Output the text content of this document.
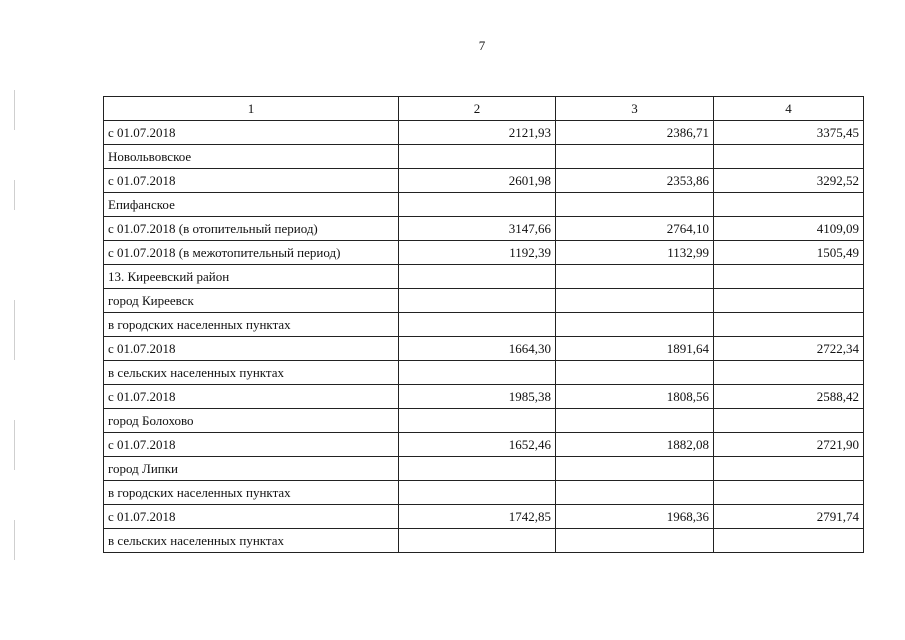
7
1	2	3	4
с 01.07.2018	2121,93	2386,71	3375,45
Новольвовское			
с 01.07.2018	2601,98	2353,86	3292,52
Епифанское			
с 01.07.2018 (в отопительный период)	3147,66	2764,10	4109,09
с 01.07.2018 (в межотопительный период)	1192,39	1132,99	1505,49
13. Киреевский район			
город Киреевск			
в городских населенных пунктах			
с 01.07.2018	1664,30	1891,64	2722,34
в сельских населенных пунктах			
с 01.07.2018	1985,38	1808,56	2588,42
город Болохово			
с 01.07.2018	1652,46	1882,08	2721,90
город Липки			
в городских населенных пунктах			
с 01.07.2018	1742,85	1968,36	2791,74
в сельских населенных пунктах			
